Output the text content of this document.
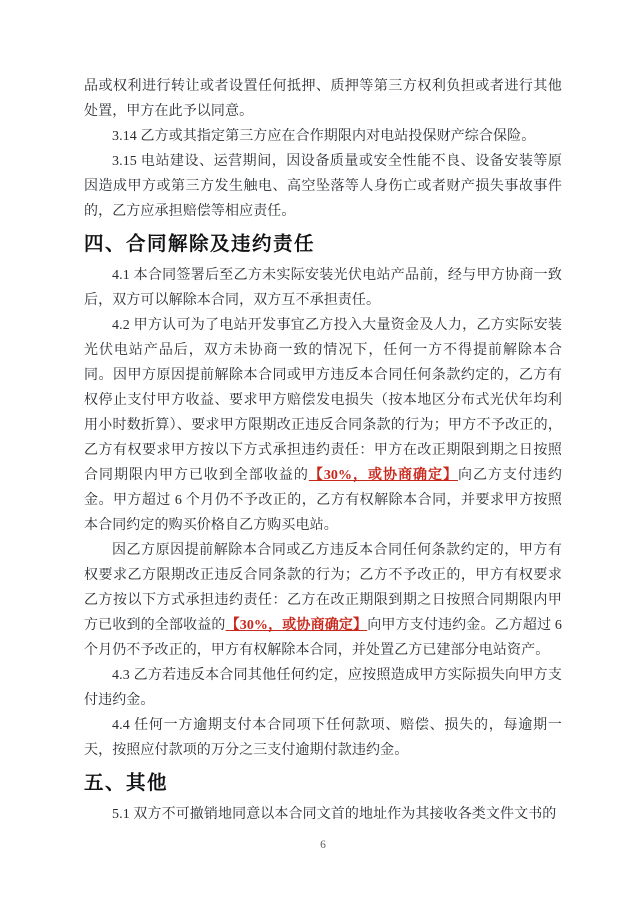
品或权利进行转让或者设置任何抵押、质押等第三方权利负担或者进行其他处置，甲方在此予以同意。

3.14 乙方或其指定第三方应在合作期限内对电站投保财产综合保险。

3.15 电站建设、运营期间，因设备质量或安全性能不良、设备安装等原因造成甲方或第三方发生触电、高空坠落等人身伤亡或者财产损失事故事件的，乙方应承担赔偿等相应责任。

四、合同解除及违约责任

4.1 本合同签署后至乙方未实际安装光伏电站产品前，经与甲方协商一致后，双方可以解除本合同，双方互不承担责任。

4.2 甲方认可为了电站开发事宜乙方投入大量资金及人力，乙方实际安装光伏电站产品后，双方未协商一致的情况下，任何一方不得提前解除本合同。因甲方原因提前解除本合同或甲方违反本合同任何条款约定的，乙方有权停止支付甲方收益、要求甲方赔偿发电损失（按本地区分布式光伏年均利用小时数折算）、要求甲方限期改正违反合同条款的行为；甲方不予改正的，乙方有权要求甲方按以下方式承担违约责任：甲方在改正期限到期之日按照合同期限内甲方已收到全部收益的【30%，或协商确定】向乙方支付违约金。甲方超过 6 个月仍不予改正的，乙方有权解除本合同，并要求甲方按照本合同约定的购买价格自乙方购买电站。

因乙方原因提前解除本合同或乙方违反本合同任何条款约定的，甲方有权要求乙方限期改正违反合同条款的行为；乙方不予改正的，甲方有权要求乙方按以下方式承担违约责任：乙方在改正期限到期之日按照合同期限内甲方已收到的全部收益的【30%，或协商确定】向甲方支付违约金。乙方超过 6 个月仍不予改正的，甲方有权解除本合同，并处置乙方已建部分电站资产。

4.3 乙方若违反本合同其他任何约定，应按照造成甲方实际损失向甲方支付违约金。

4.4 任何一方逾期支付本合同项下任何款项、赔偿、损失的，每逾期一天，按照应付款项的万分之三支付逾期付款违约金。

五、其他

5.1 双方不可撤销地同意以本合同文首的地址作为其接收各类文件文书的

6
